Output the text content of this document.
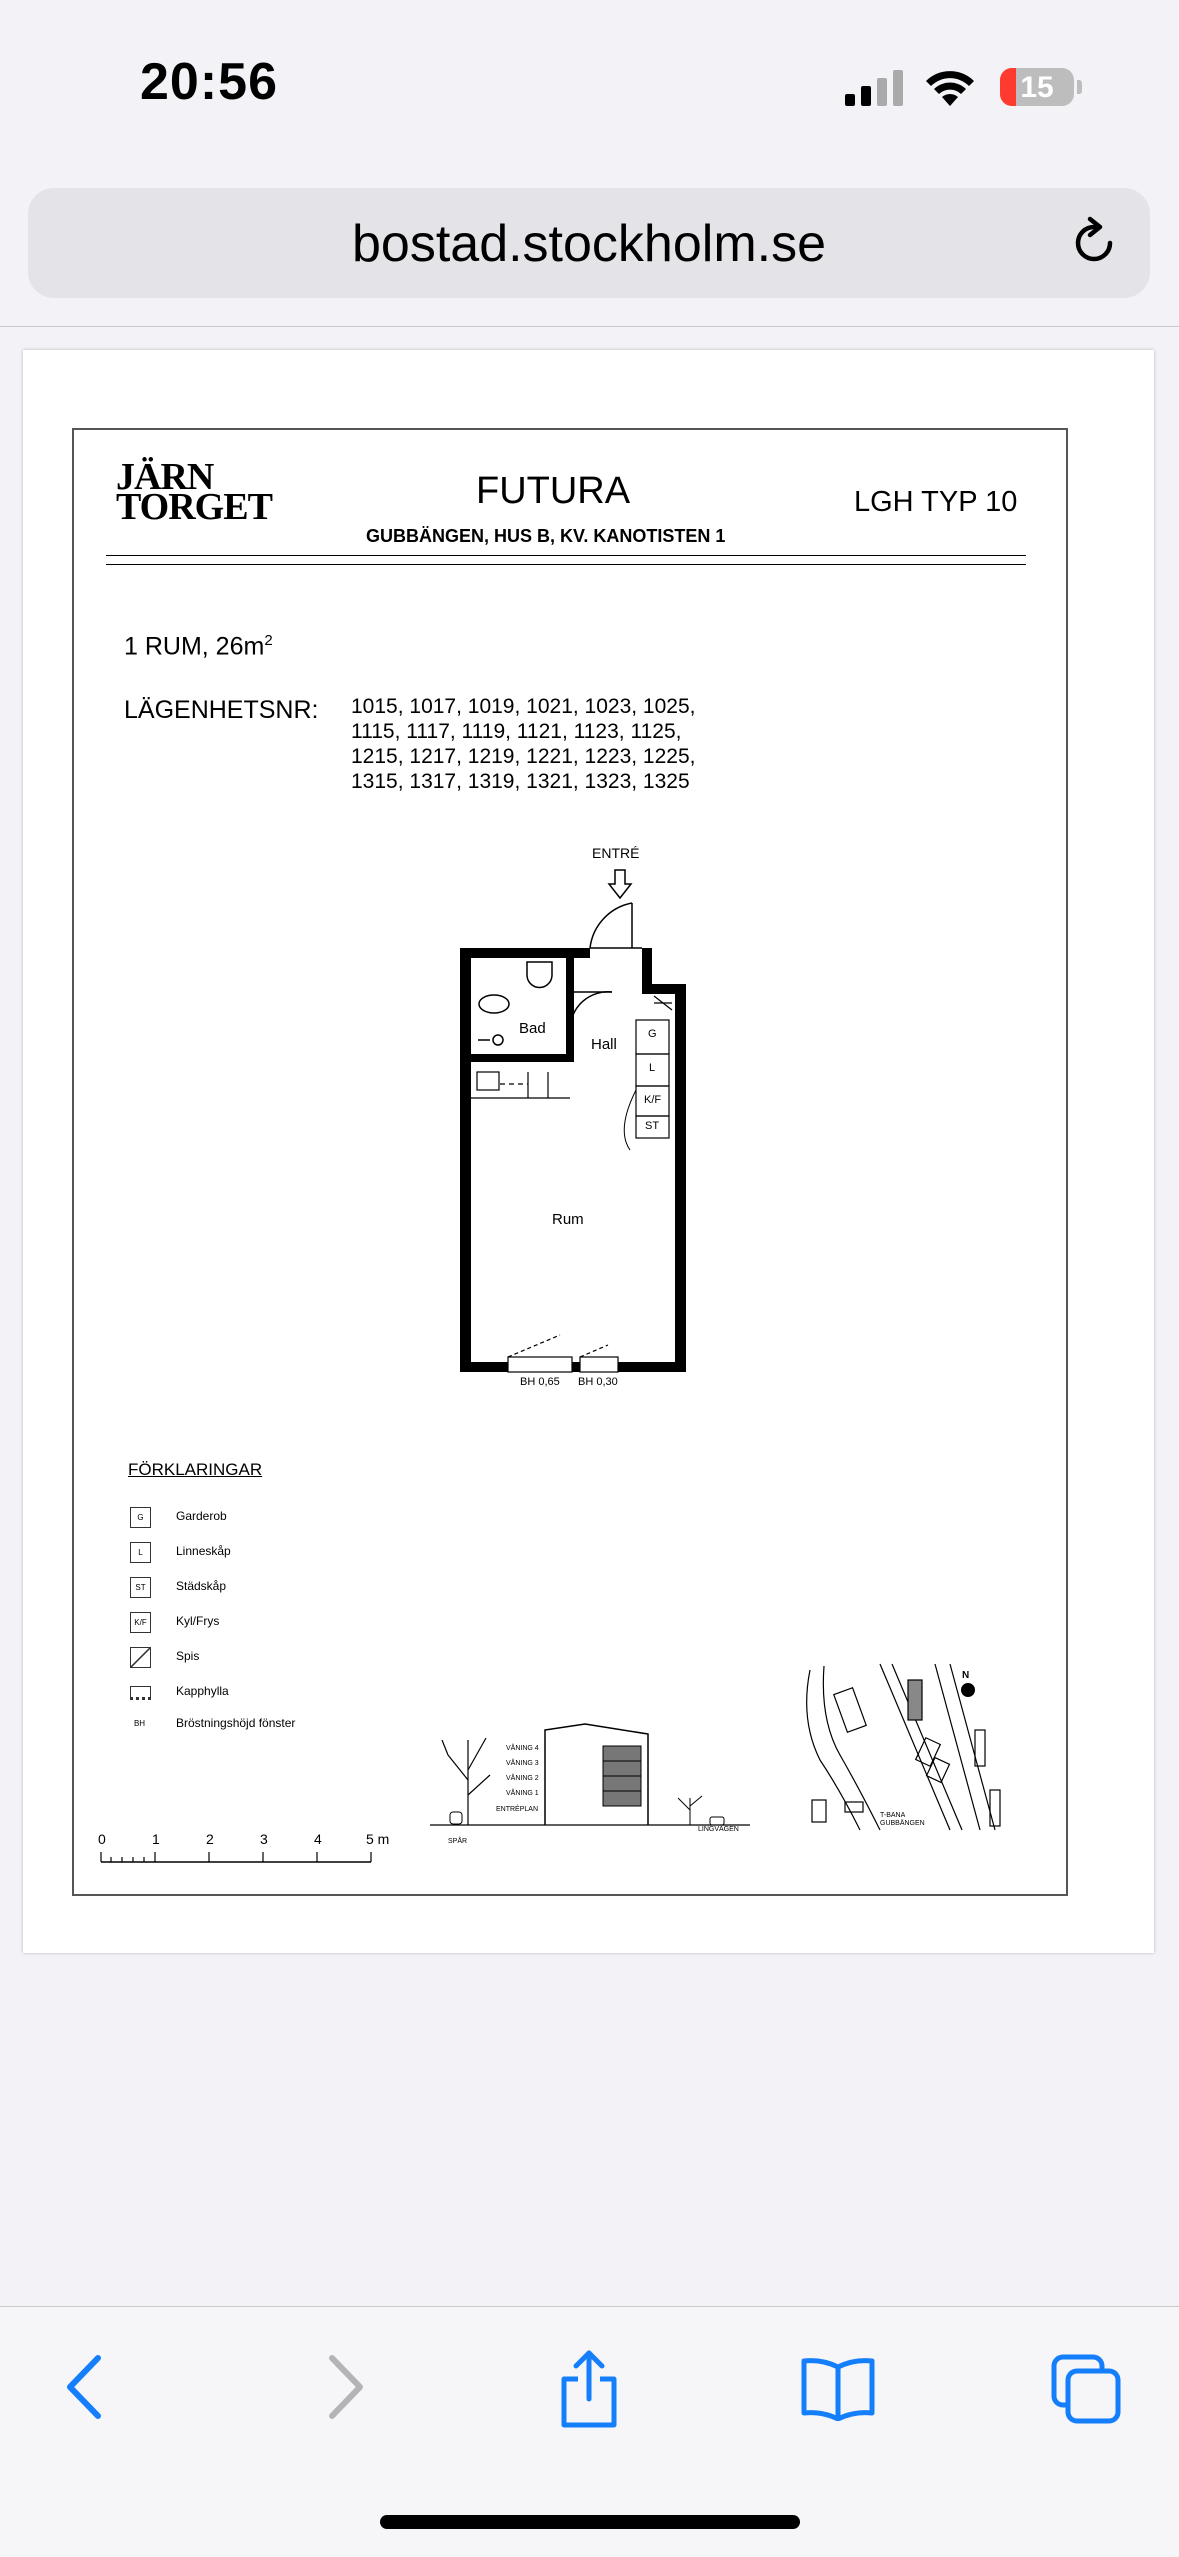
20:56	15
bostad.stockholm.se
JÄRN
TORGET	FUTURA
GUBBÄNGEN, HUS B, KV. KANOTISTEN 1
LGH TYP 10
1 RUM, $26m^2$
LÄGENHETSNR: 1015, 1017, 1019, 1021, 1023, 1025,
1115, 1117, 1119, 1121, 1123, 1125,
1215, 1217, 1219, 1221, 1223, 1225,
1315, 1317, 1319, 1321, 1323, 1325
ENTRÉ
Bad
Hall
Rum
G
L
K/F
ST
BH 0,65 BH 0,30
FÖRKLARINGAR
G	Garderob
L	Linneskåp
ST	Städskåp
K/F	Kyl/Frys
Spis
Kapphylla
BH	Bröstningshöjd fönster
0	1	2	3	4	5 m
VÅNING 4
VÅNING 3
VÅNING 2
VÅNING 1
ENTRÉPLAN
SPÅR
LINGVÄGEN
T-BANA GUBBÄNGEN
N
